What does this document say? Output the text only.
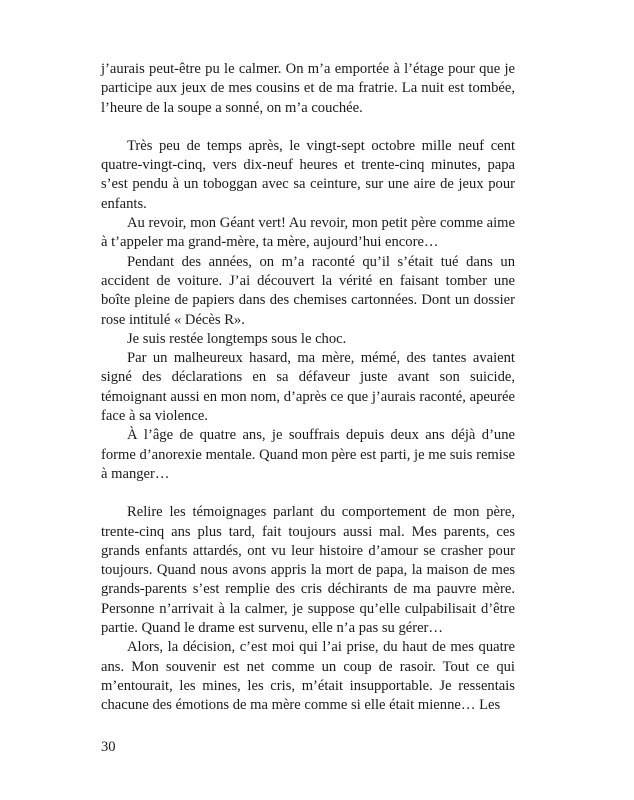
j’aurais peut-être pu le calmer. On m’a emportée à l’étage pour que je participe aux jeux de mes cousins et de ma fratrie. La nuit est tombée, l’heure de la soupe a sonné, on m’a couchée.

Très peu de temps après, le vingt-sept octobre mille neuf cent quatre-vingt-cinq, vers dix-neuf heures et trente-cinq minutes, papa s’est pendu à un toboggan avec sa ceinture, sur une aire de jeux pour enfants.

Au revoir, mon Géant vert! Au revoir, mon petit père comme aime à t’appeler ma grand-mère, ta mère, aujourd’hui encore…

Pendant des années, on m’a raconté qu’il s’était tué dans un accident de voiture. J’ai découvert la vérité en faisant tomber une boîte pleine de papiers dans des chemises cartonnées. Dont un dossier rose intitulé « Décès R».

Je suis restée longtemps sous le choc.

Par un malheureux hasard, ma mère, mémé, des tantes avaient signé des déclarations en sa défaveur juste avant son suicide, témoignant aussi en mon nom, d’après ce que j’aurais raconté, apeurée face à sa violence.

À l’âge de quatre ans, je souffrais depuis deux ans déjà d’une forme d’anorexie mentale. Quand mon père est parti, je me suis remise à manger…

Relire les témoignages parlant du comportement de mon père, trente-cinq ans plus tard, fait toujours aussi mal. Mes parents, ces grands enfants attardés, ont vu leur histoire d’amour se crasher pour toujours. Quand nous avons appris la mort de papa, la maison de mes grands-parents s’est remplie des cris déchirants de ma pauvre mère. Personne n’arrivait à la calmer, je suppose qu’elle culpabilisait d’être partie. Quand le drame est survenu, elle n’a pas su gérer…

Alors, la décision, c’est moi qui l’ai prise, du haut de mes quatre ans. Mon souvenir est net comme un coup de rasoir. Tout ce qui m’entourait, les mines, les cris, m’était insupportable. Je ressentais chacune des émotions de ma mère comme si elle était mienne… Les

30
